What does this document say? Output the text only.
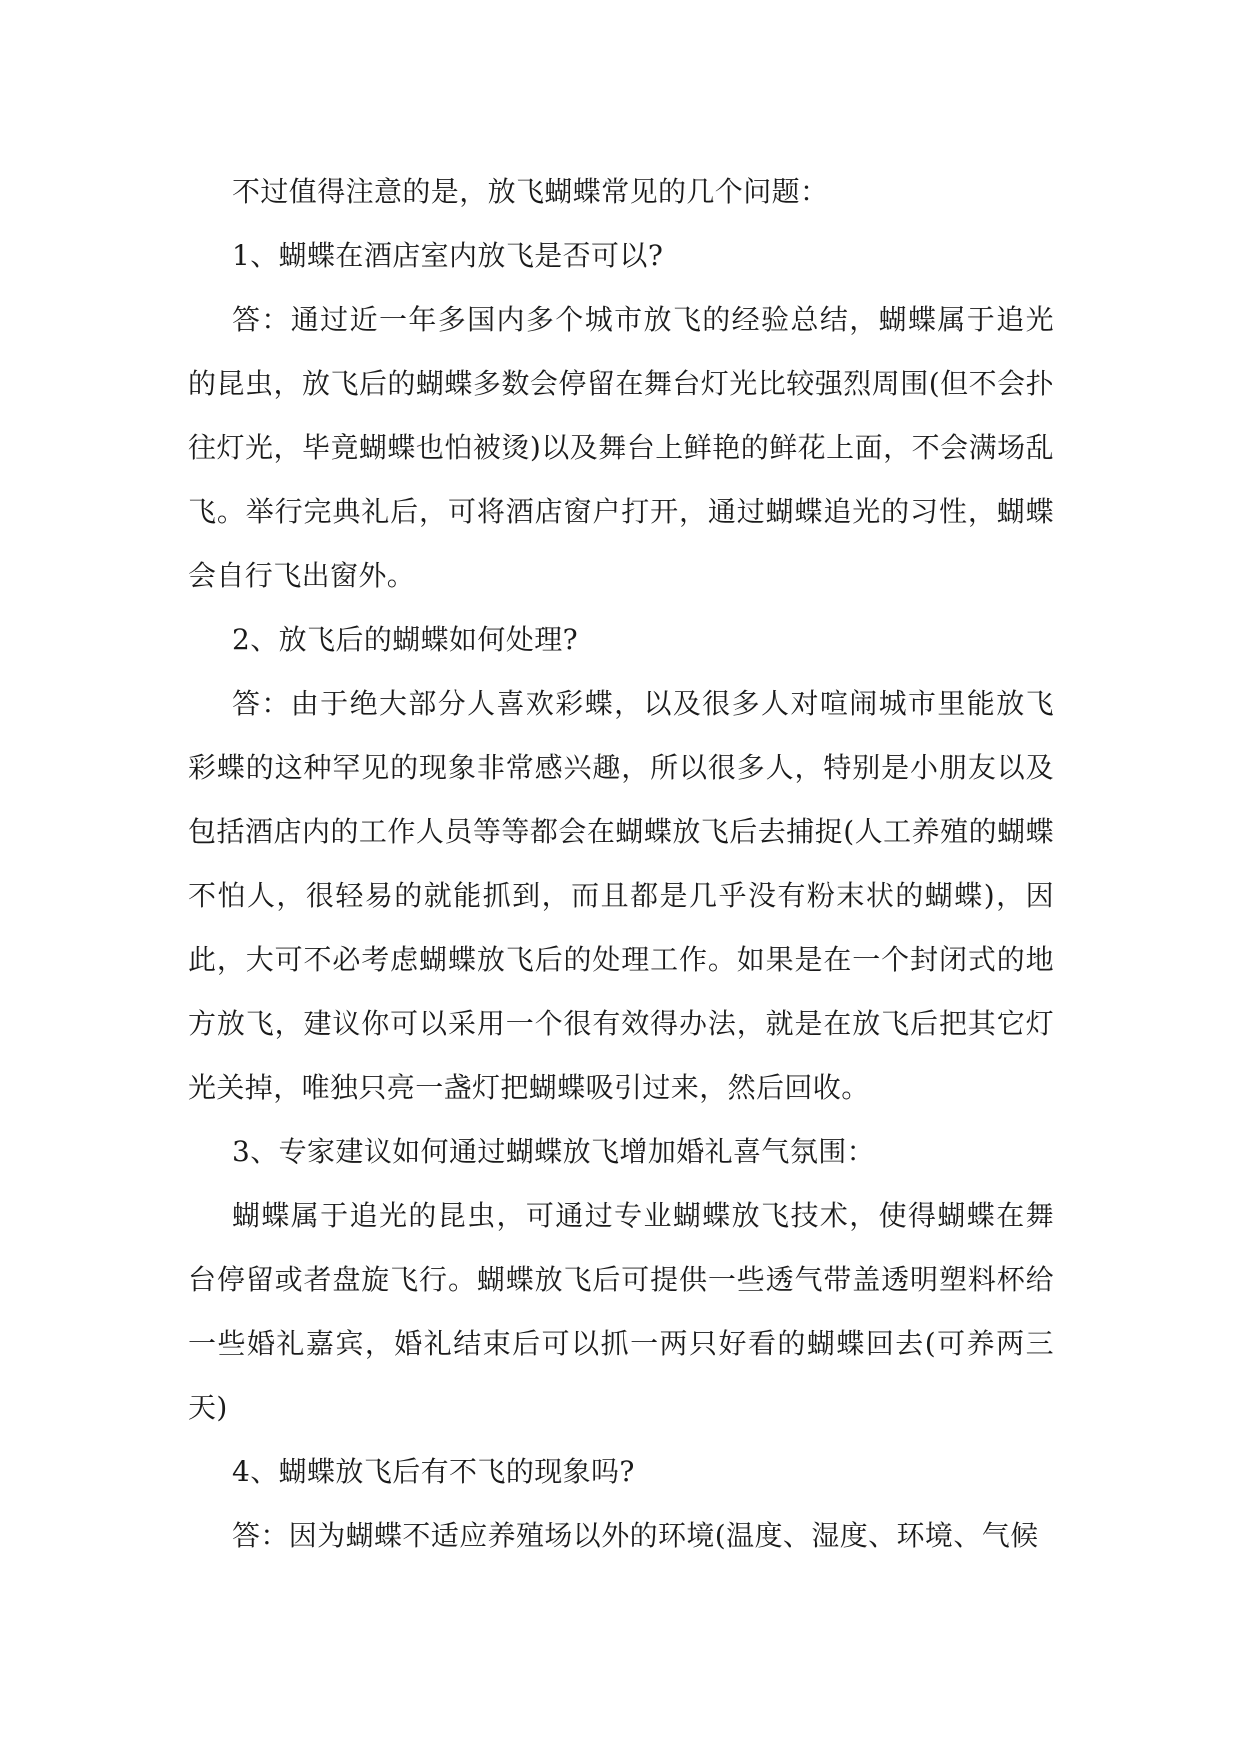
不过值得注意的是，放飞蝴蝶常见的几个问题：

1、蝴蝶在酒店室内放飞是否可以?

答：通过近一年多国内多个城市放飞的经验总结，蝴蝶属于追光的昆虫，放飞后的蝴蝶多数会停留在舞台灯光比较强烈周围(但不会扑往灯光，毕竟蝴蝶也怕被烫)以及舞台上鲜艳的鲜花上面，不会满场乱飞。举行完典礼后，可将酒店窗户打开，通过蝴蝶追光的习性，蝴蝶会自行飞出窗外。

2、放飞后的蝴蝶如何处理?

答：由于绝大部分人喜欢彩蝶，以及很多人对喧闹城市里能放飞彩蝶的这种罕见的现象非常感兴趣，所以很多人，特别是小朋友以及包括酒店内的工作人员等等都会在蝴蝶放飞后去捕捉(人工养殖的蝴蝶不怕人，很轻易的就能抓到，而且都是几乎没有粉末状的蝴蝶)，因此，大可不必考虑蝴蝶放飞后的处理工作。如果是在一个封闭式的地方放飞，建议你可以采用一个很有效得办法，就是在放飞后把其它灯光关掉，唯独只亮一盏灯把蝴蝶吸引过来，然后回收。

3、专家建议如何通过蝴蝶放飞增加婚礼喜气氛围：

蝴蝶属于追光的昆虫，可通过专业蝴蝶放飞技术，使得蝴蝶在舞台停留或者盘旋飞行。蝴蝶放飞后可提供一些透气带盖透明塑料杯给一些婚礼嘉宾，婚礼结束后可以抓一两只好看的蝴蝶回去(可养两三天)

4、蝴蝶放飞后有不飞的现象吗?

答：因为蝴蝶不适应养殖场以外的环境(温度、湿度、环境、气候
